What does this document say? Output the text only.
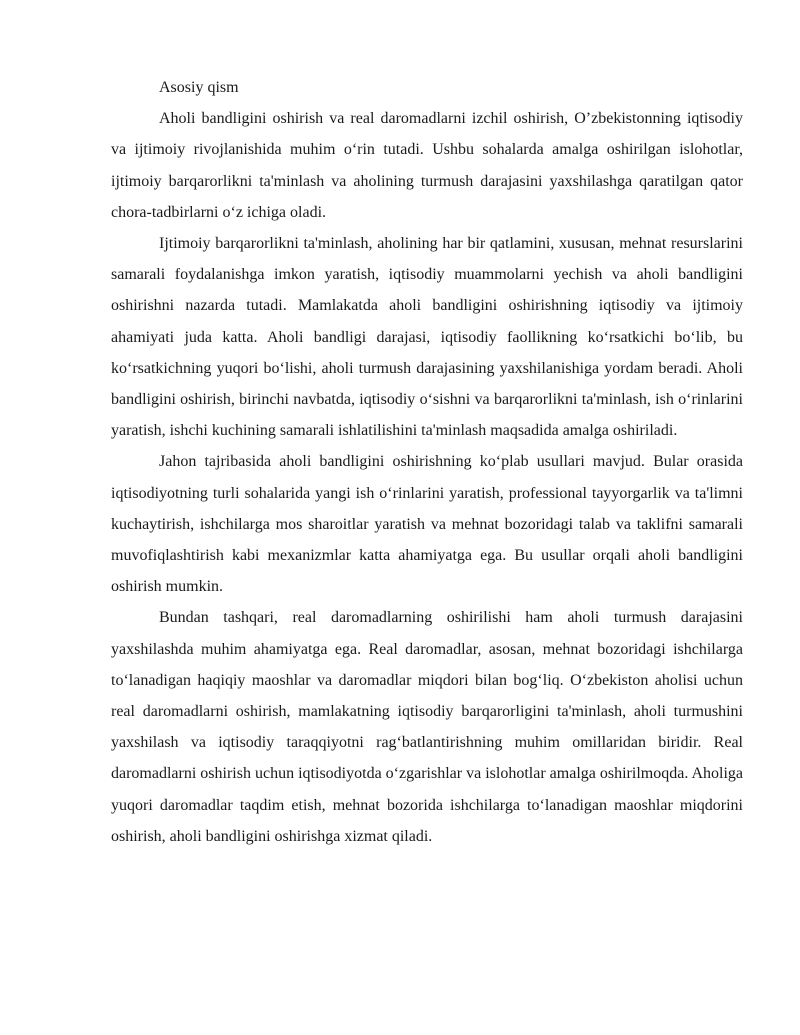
Asosiy qism

Aholi bandligini oshirish va real daromadlarni izchil oshirish, O’zbekistonning iqtisodiy va ijtimoiy rivojlanishida muhim o‘rin tutadi. Ushbu sohalarda amalga oshirilgan islohotlar, ijtimoiy barqarorlikni ta'minlash va aholining turmush darajasini yaxshilashga qaratilgan qator chora-tadbirlarni o‘z ichiga oladi.

Ijtimoiy barqarorlikni ta'minlash, aholining har bir qatlamini, xususan, mehnat resurslarini samarali foydalanishga imkon yaratish, iqtisodiy muammolarni yechish va aholi bandligini oshirishni nazarda tutadi. Mamlakatda aholi bandligini oshirishning iqtisodiy va ijtimoiy ahamiyati juda katta. Aholi bandligi darajasi, iqtisodiy faollikning ko‘rsatkichi bo‘lib, bu ko‘rsatkichning yuqori bo‘lishi, aholi turmush darajasining yaxshilanishiga yordam beradi. Aholi bandligini oshirish, birinchi navbatda, iqtisodiy o‘sishni va barqarorlikni ta'minlash, ish o‘rinlarini yaratish, ishchi kuchining samarali ishlatilishini ta'minlash maqsadida amalga oshiriladi.

Jahon tajribasida aholi bandligini oshirishning ko‘plab usullari mavjud. Bular orasida iqtisodiyotning turli sohalarida yangi ish o‘rinlarini yaratish, professional tayyorgarlik va ta'limni kuchaytirish, ishchilarga mos sharoitlar yaratish va mehnat bozoridagi talab va taklifni samarali muvofiqlashtirish kabi mexanizmlar katta ahamiyatga ega. Bu usullar orqali aholi bandligini oshirish mumkin.

Bundan tashqari, real daromadlarning oshirilishi ham aholi turmush darajasini yaxshilashda muhim ahamiyatga ega. Real daromadlar, asosan, mehnat bozoridagi ishchilarga to‘lanadigan haqiqiy maoshlar va daromadlar miqdori bilan bog‘liq. O‘zbekiston aholisi uchun real daromadlarni oshirish, mamlakatning iqtisodiy barqarorligini ta'minlash, aholi turmushini yaxshilash va iqtisodiy taraqqiyotni rag‘batlantirishning muhim omillaridan biridir. Real daromadlarni oshirish uchun iqtisodiyotda o‘zgarishlar va islohotlar amalga oshirilmoqda. Aholiga yuqori daromadlar taqdim etish, mehnat bozorida ishchilarga to‘lanadigan maoshlar miqdorini oshirish, aholi bandligini oshirishga xizmat qiladi.
